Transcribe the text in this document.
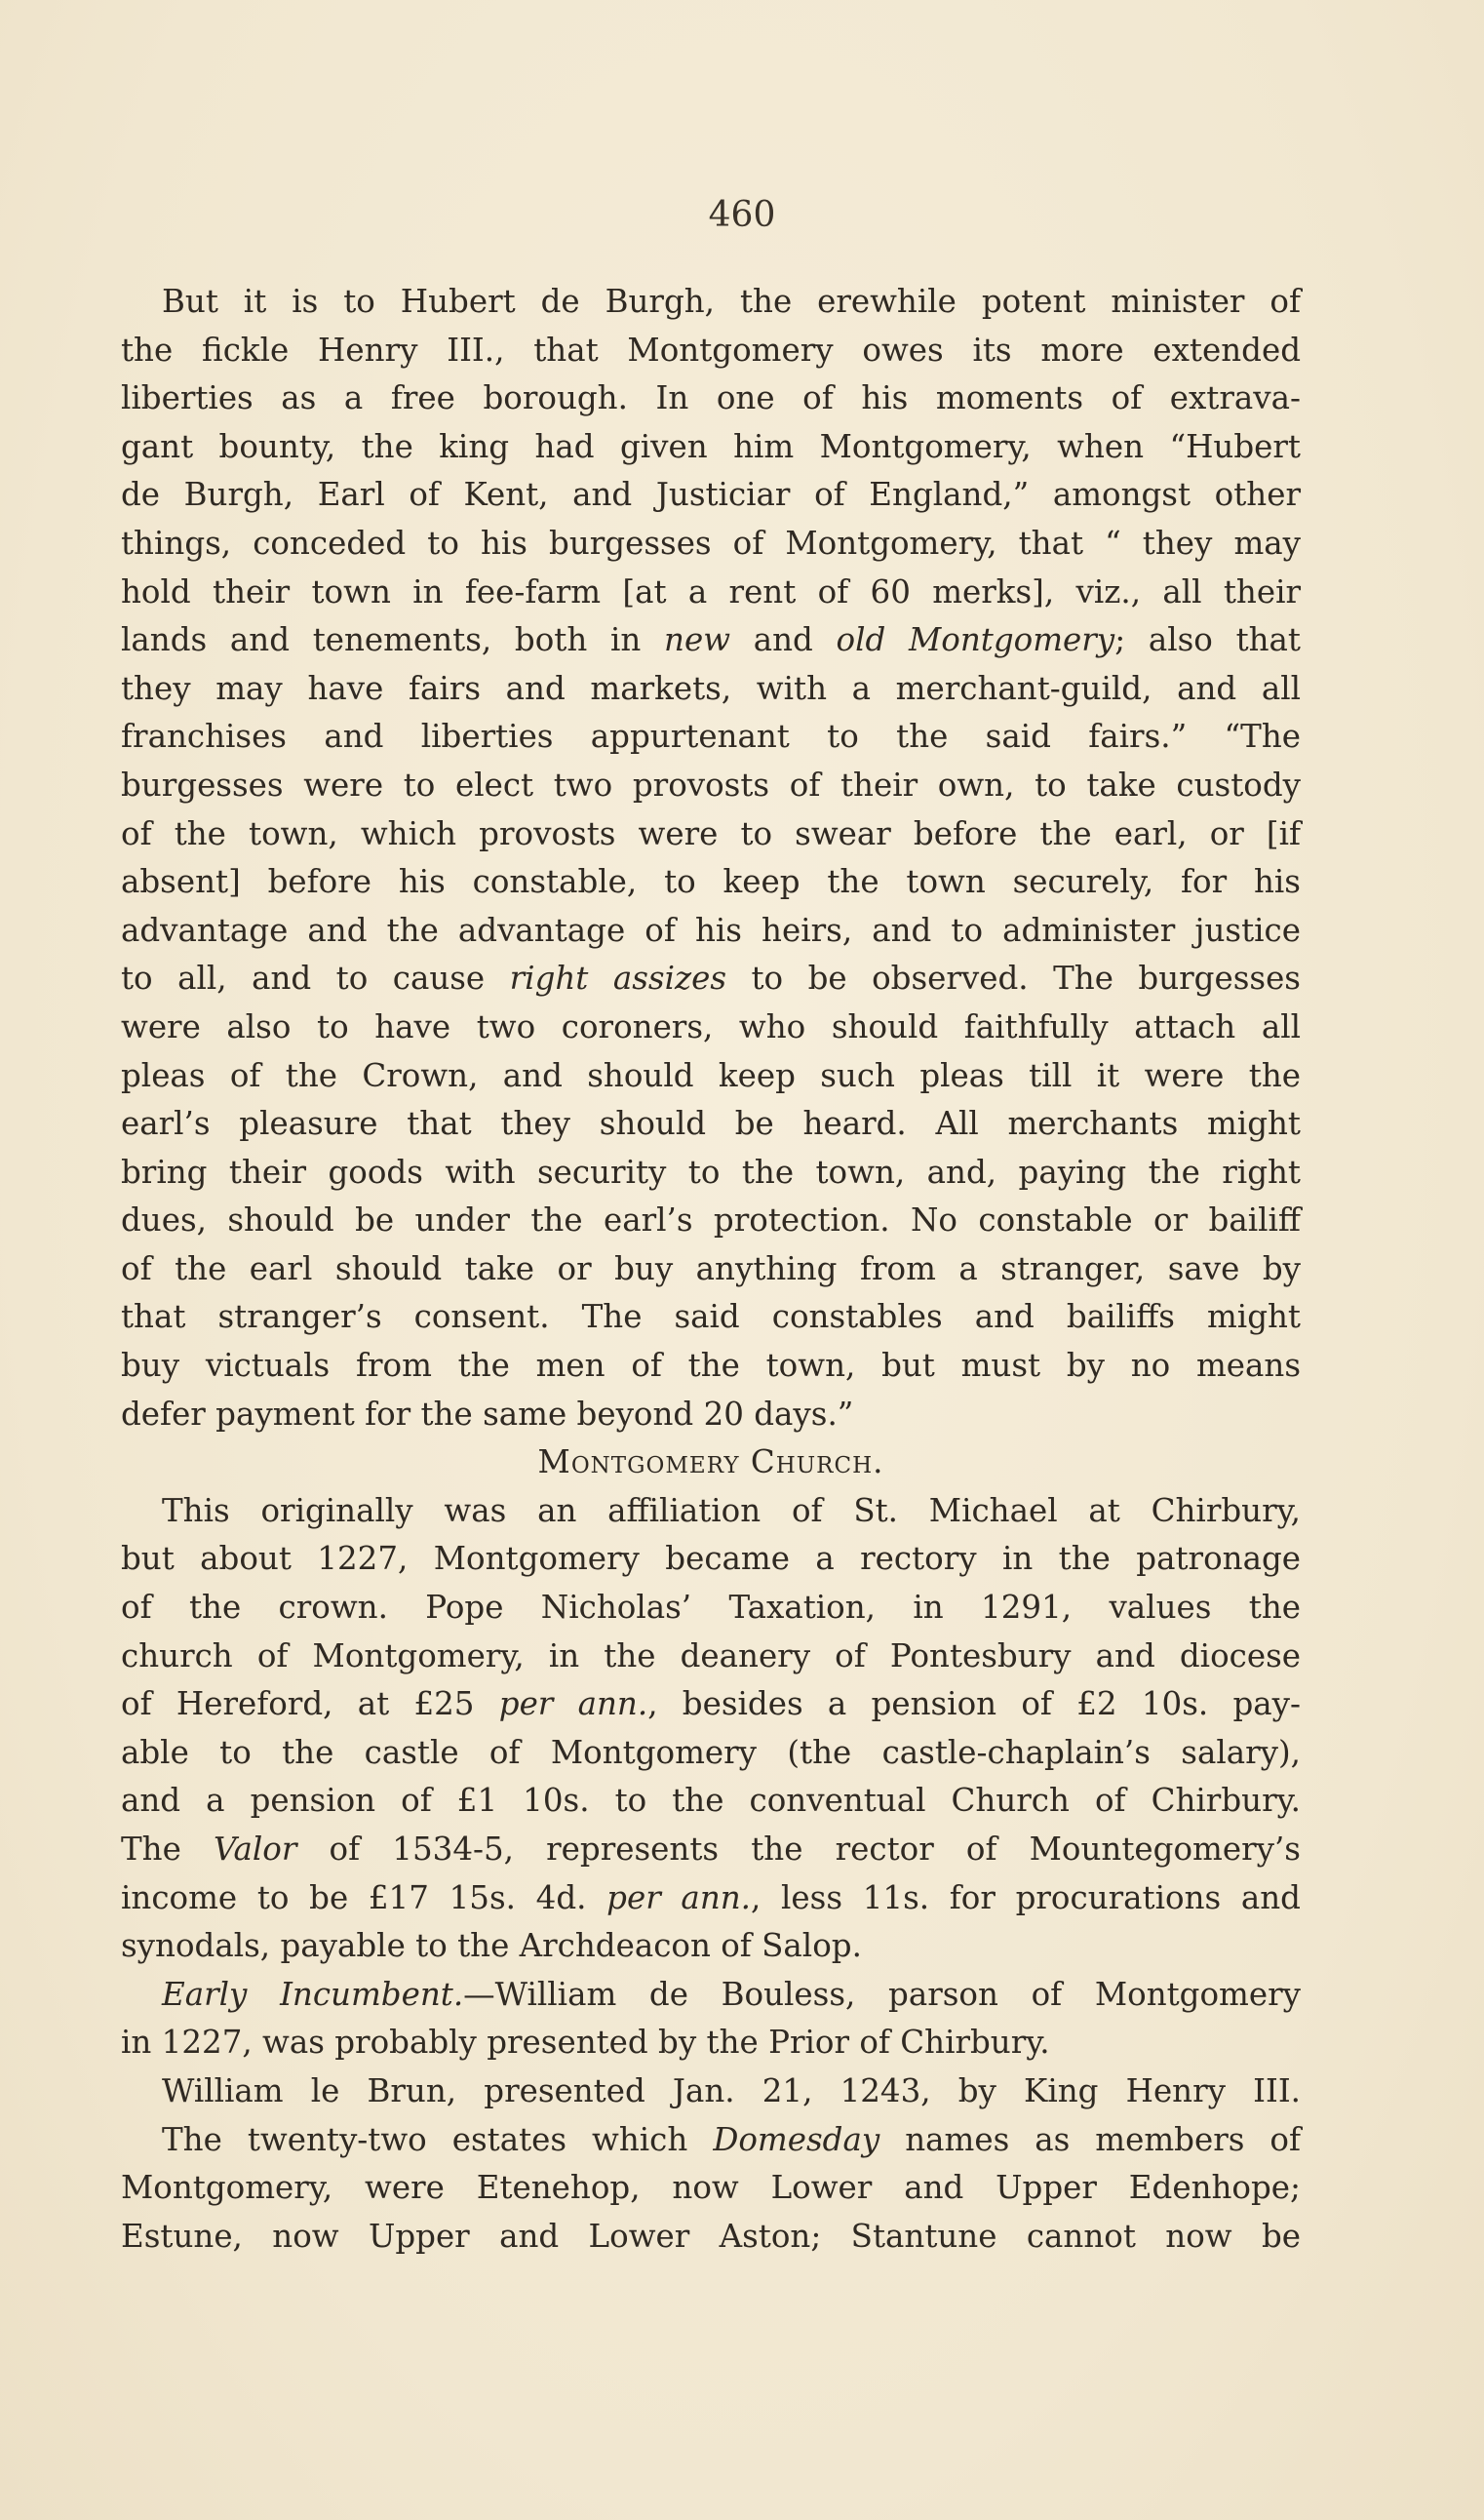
460
But it is to Hubert de Burgh, the erewhile potent minister of
the fickle Henry III., that Montgomery owes its more extended
liberties as a free borough. In one of his moments of extrava-
gant bounty, the king had given him Montgomery, when “Hubert
de Burgh, Earl of Kent, and Justiciar of England,” amongst other
things, conceded to his burgesses of Montgomery, that “ they may
hold their town in fee-farm [at a rent of 60 merks], viz., all their
lands and tenements, both in new and old Montgomery; also that
they may have fairs and markets, with a merchant-guild, and all
franchises and liberties appurtenant to the said fairs.” “The
burgesses were to elect two provosts of their own, to take custody
of the town, which provosts were to swear before the earl, or [if
absent] before his constable, to keep the town securely, for his
advantage and the advantage of his heirs, and to administer justice
to all, and to cause right assizes to be observed. The burgesses
were also to have two coroners, who should faithfully attach all
pleas of the Crown, and should keep such pleas till it were the
earl’s pleasure that they should be heard. All merchants might
bring their goods with security to the town, and, paying the right
dues, should be under the earl’s protection. No constable or bailiff
of the earl should take or buy anything from a stranger, save by
that stranger’s consent. The said constables and bailiffs might
buy victuals from the men of the town, but must by no means
defer payment for the same beyond 20 days.”
Montgomery Church.
This originally was an affiliation of St. Michael at Chirbury,
but about 1227, Montgomery became a rectory in the patronage
of the crown. Pope Nicholas’ Taxation, in 1291, values the
church of Montgomery, in the deanery of Pontesbury and diocese
of Hereford, at £25 per ann., besides a pension of £2 10s. pay-
able to the castle of Montgomery (the castle-chaplain’s salary),
and a pension of £1 10s. to the conventual Church of Chirbury.
The Valor of 1534-5, represents the rector of Mountegomery’s
income to be £17 15s. 4d. per ann., less 11s. for procurations and
synodals, payable to the Archdeacon of Salop.
Early Incumbent.—William de Bouless, parson of Montgomery
in 1227, was probably presented by the Prior of Chirbury.
William le Brun, presented Jan. 21, 1243, by King Henry III.
The twenty-two estates which Domesday names as members of
Montgomery, were Etenehop, now Lower and Upper Edenhope;
Estune, now Upper and Lower Aston; Stantune cannot now be
